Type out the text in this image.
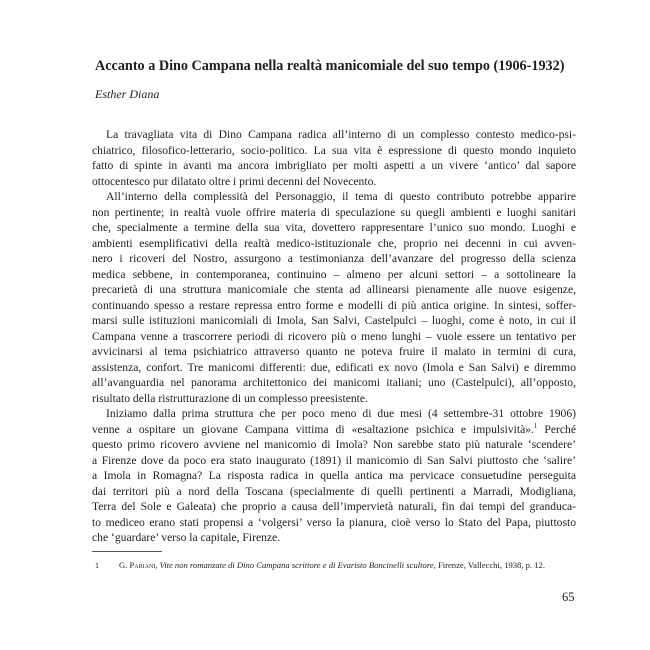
Accanto a Dino Campana nella realtà manicomiale del suo tempo (1906-1932)
Esther Diana
La travagliata vita di Dino Campana radica all’interno di un complesso contesto medico-psi-
chiatrico, filosofico-letterario, socio-politico. La sua vita è espressione di questo mondo inquieto
fatto di spinte in avanti ma ancora imbrigliato per molti aspetti a un vivere ‘antico’ dal sapore
ottocentesco pur dilatato oltre i primi decenni del Novecento.
All’interno della complessità del Personaggio, il tema di questo contributo potrebbe apparire
non pertinente; in realtà vuole offrire materia di speculazione su quegli ambienti e luoghi sanitari
che, specialmente a termine della sua vita, dovettero rappresentare l’unico suo mondo. Luoghi e
ambienti esemplificativi della realtà medico-istituzionale che, proprio nei decenni in cui avven-
nero i ricoveri del Nostro, assurgono a testimonianza dell’avanzare del progresso della scienza
medica sebbene, in contemporanea, continuino – almeno per alcuni settori – a sottolineare la
precarietà di una struttura manicomiale che stenta ad allinearsi pienamente alle nuove esigenze,
continuando spesso a restare repressa entro forme e modelli di più antica origine. In sintesi, soffer-
marsi sulle istituzioni manicomiali di Imola, San Salvi, Castelpulci – luoghi, come è noto, in cui il
Campana venne a trascorrere periodi di ricovero più o meno lunghi – vuole essere un tentativo per
avvicinarsi al tema psichiatrico attraverso quanto ne poteva fruire il malato in termini di cura,
assistenza, confort. Tre manicomi differenti: due, edificati ex novo (Imola e San Salvi) e diremmo
all’avanguardia nel panorama architettonico dei manicomi italiani; uno (Castelpulci), all’opposto,
risultato della ristrutturazione di un complesso preesistente.
Iniziamo dalla prima struttura che per poco meno di due mesi (4 settembre-31 ottobre 1906)
venne a ospitare un giovane Campana vittima di «esaltazione psichica e impulsività».$^1$ Perché
questo primo ricovero avviene nel manicomio di Imola? Non sarebbe stato più naturale ‘scendere’
a Firenze dove da poco era stato inaugurato (1891) il manicomio di San Salvi piuttosto che ‘salire’
a Imola in Romagna? La risposta radica in quella antica ma pervicace consuetudine perseguita
dai territori più a nord della Toscana (specialmente di quelli pertinenti a Marradi, Modigliana,
Terra del Sole e Galeata) che proprio a causa dell’impervietà naturali, fin dai tempi del granduca-
to mediceo erano stati propensi a ‘volgersi’ verso la pianura, cioè verso lo Stato del Papa, piuttosto
che ‘guardare’ verso la capitale, Firenze.
1 G. Pariani, Vite non romanzate di Dino Campana scrittore e di Evaristo Boncinelli scultore, Firenze, Vallecchi, 1938, p. 12.
65
